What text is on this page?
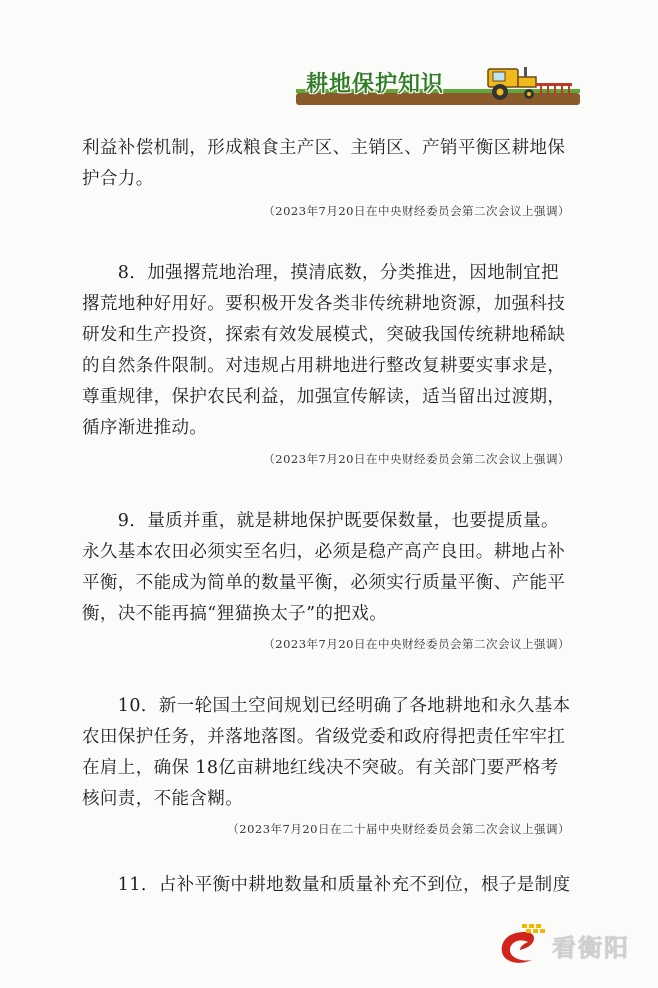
耕地保护知识

利益补偿机制，形成粮食主产区、主销区、产销平衡区耕地保
护合力。

（2023年7月20日在中央财经委员会第二次会议上强调）

　　8．加强撂荒地治理，摸清底数，分类推进，因地制宜把
撂荒地种好用好。要积极开发各类非传统耕地资源，加强科技
研发和生产投资，探索有效发展模式，突破我国传统耕地稀缺
的自然条件限制。对违规占用耕地进行整改复耕要实事求是，
尊重规律，保护农民利益，加强宣传解读，适当留出过渡期，
循序渐进推动。

（2023年7月20日在中央财经委员会第二次会议上强调）

　　9．量质并重，就是耕地保护既要保数量，也要提质量。
永久基本农田必须实至名归，必须是稳产高产良田。耕地占补
平衡，不能成为简单的数量平衡，必须实行质量平衡、产能平
衡，决不能再搞“狸猫换太子”的把戏。

（2023年7月20日在中央财经委员会第二次会议上强调）

　　10．新一轮国土空间规划已经明确了各地耕地和永久基本
农田保护任务，并落地落图。省级党委和政府得把责任牢牢扛
在肩上，确保 18亿亩耕地红线决不突破。有关部门要严格考
核问责，不能含糊。

（2023年7月20日在二十届中央财经委员会第二次会议上强调）

　　11．占补平衡中耕地数量和质量补充不到位，根子是制度

看衡阳
